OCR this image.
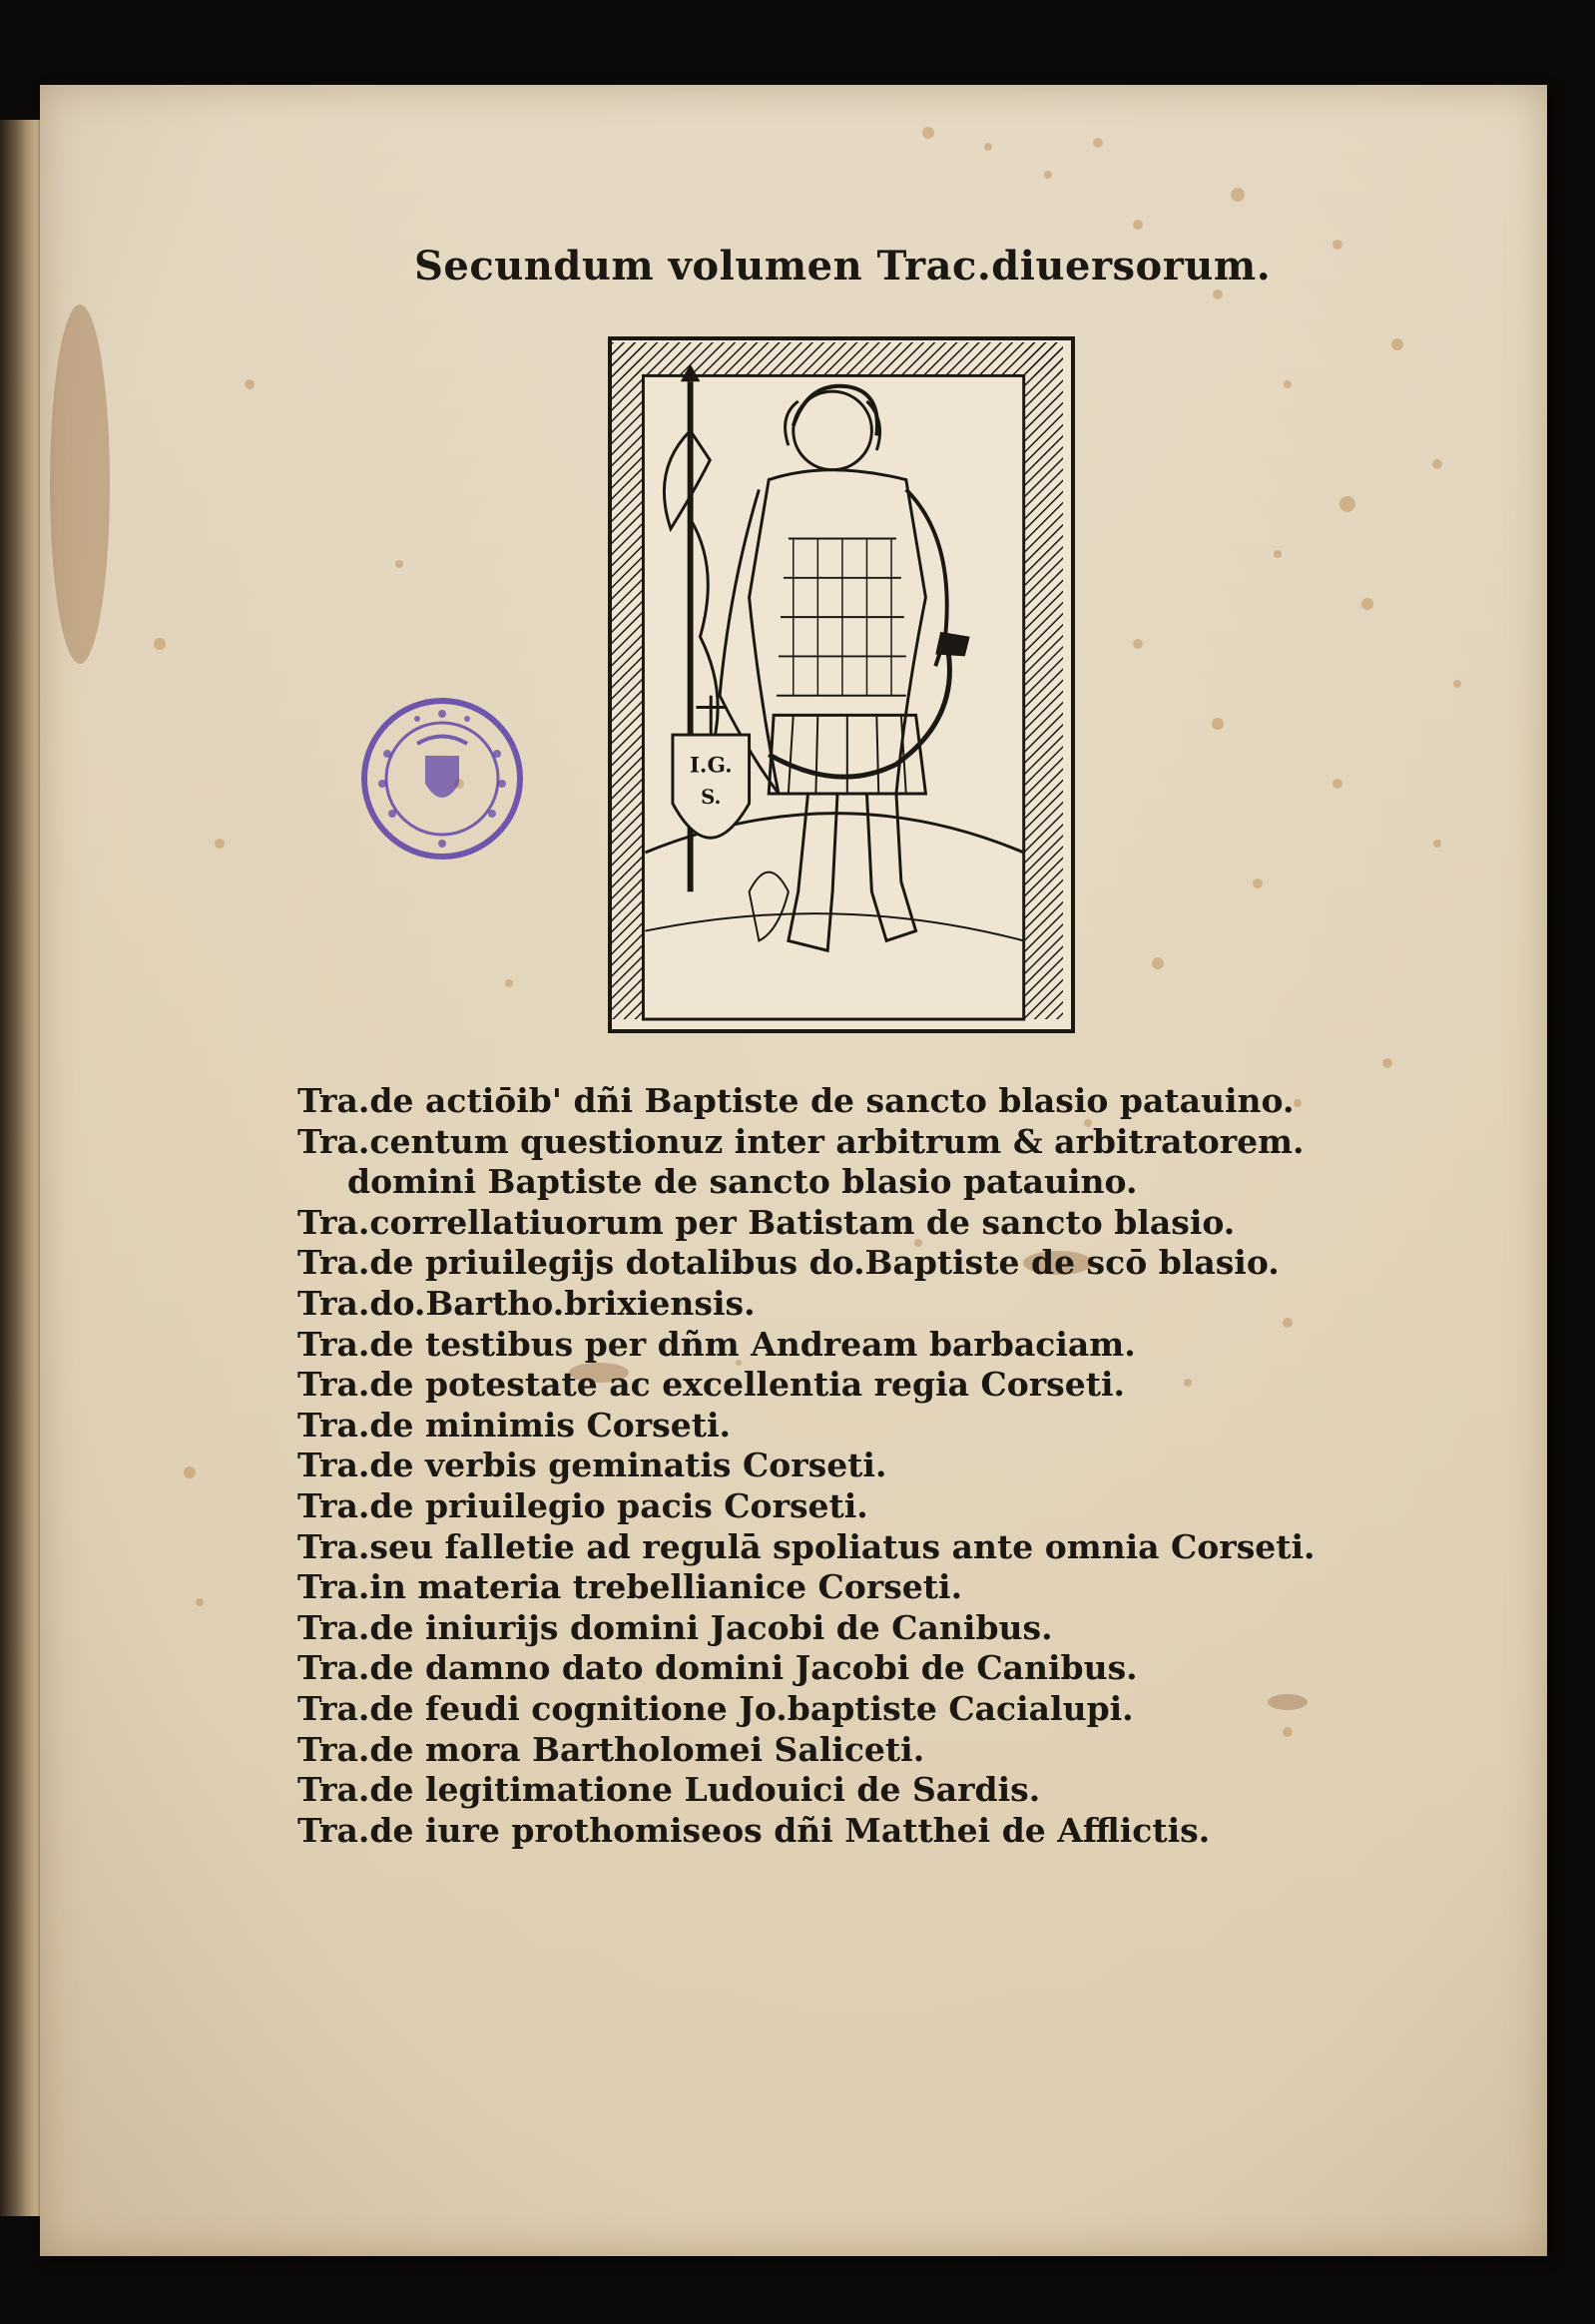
Secundum volumen Trac.diuersorum.
I.G.
S.
Tra.de actiōib' dñi Baptiste de sancto blasio patauino.
Tra.centum questionuz inter arbitrum & arbitratorem.
domini Baptiste de sancto blasio patauino.
Tra.correllatiuorum per Batistam de sancto blasio.
Tra.de priuilegijs dotalibus do.Baptiste de scō blasio.
Tra.do.Bartho.brixiensis.
Tra.de testibus per dñm Andream barbaciam.
Tra.de potestate ac excellentia regia Corseti.
Tra.de minimis Corseti.
Tra.de verbis geminatis Corseti.
Tra.de priuilegio pacis Corseti.
Tra.seu falletie ad regulā spoliatus ante omnia Corseti.
Tra.in materia trebellianice Corseti.
Tra.de iniurijs domini Jacobi de Canibus.
Tra.de damno dato domini Jacobi de Canibus.
Tra.de feudi cognitione Jo.baptiste Cacialupi.
Tra.de mora Bartholomei Saliceti.
Tra.de legitimatione Ludouici de Sardis.
Tra.de iure prothomiseos dñi Matthei de Afflictis.
